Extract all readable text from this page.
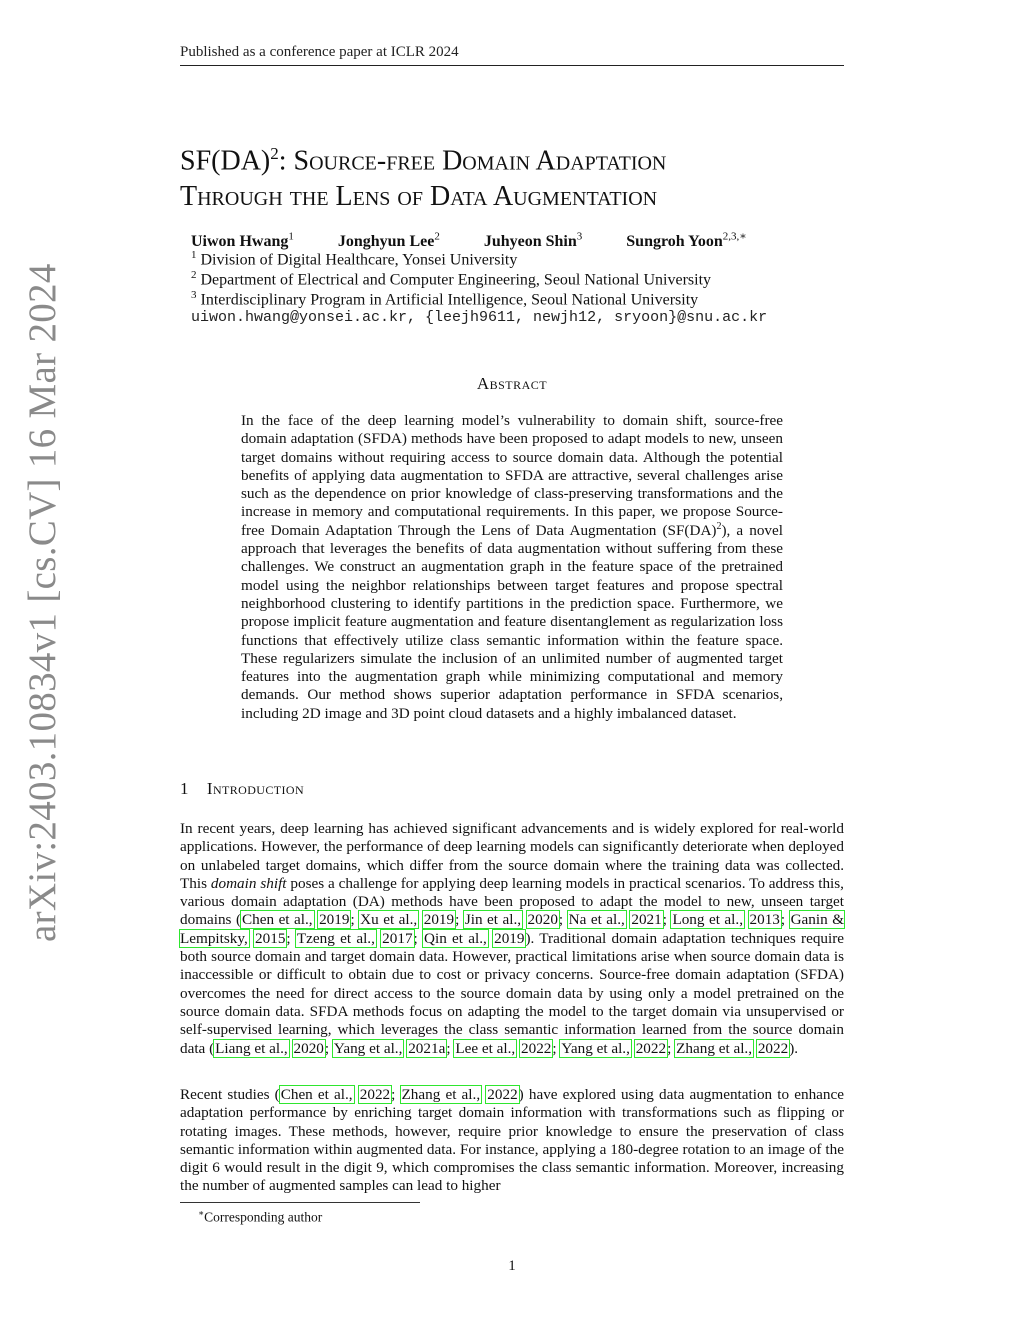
Published as a conference paper at ICLR 2024
arXiv:2403.10834v1 [cs.CV] 16 Mar 2024
SF(DA)$^2$: Source-free Domain Adaptation
Through the Lens of Data Augmentation
Uiwon Hwang$^1$	Jonghyun Lee$^2$	Juhyeon Shin$^3$	Sungroh Yoon$^{2,3,∗}$
$^1$ Division of Digital Healthcare, Yonsei University
$^2$ Department of Electrical and Computer Engineering, Seoul National University
$^3$ Interdisciplinary Program in Artificial Intelligence, Seoul National University
uiwon.hwang@yonsei.ac.kr, {leejh9611, newjh12, sryoon}@snu.ac.kr
Abstract
In the face of the deep learning model’s vulnerability to domain shift, source-free domain adaptation (SFDA) methods have been proposed to adapt models to new, unseen target domains without requiring access to source domain data. Although the potential benefits of applying data augmentation to SFDA are attractive, several challenges arise such as the dependence on prior knowledge of class-preserving transformations and the increase in memory and computational requirements. In this paper, we propose Source-free Domain Adaptation Through the Lens of Data Augmentation (SF(DA)$^2$), a novel approach that leverages the benefits of data augmentation without suffering from these challenges. We construct an augmentation graph in the feature space of the pretrained model using the neighbor relationships between target features and propose spectral neighborhood clustering to identify partitions in the prediction space. Furthermore, we propose implicit feature augmentation and feature disentanglement as regularization loss functions that effectively utilize class semantic information within the feature space. These regularizers simulate the inclusion of an unlimited number of augmented target features into the augmentation graph while minimizing computational and memory demands. Our method shows superior adaptation performance in SFDA scenarios, including 2D image and 3D point cloud datasets and a highly imbalanced dataset.
1 Introduction
In recent years, deep learning has achieved significant advancements and is widely explored for real-world applications. However, the performance of deep learning models can significantly deteriorate when deployed on unlabeled target domains, which differ from the source domain where the training data was collected. This domain shift poses a challenge for applying deep learning models in practical scenarios. To address this, various domain adaptation (DA) methods have been proposed to adapt the model to new, unseen target domains (Chen et al., 2019; Xu et al., 2019; Jin et al., 2020; Na et al., 2021; Long et al., 2013; Ganin & Lempitsky, 2015; Tzeng et al., 2017; Qin et al., 2019). Traditional domain adaptation techniques require both source domain and target domain data. However, practical limitations arise when source domain data is inaccessible or difficult to obtain due to cost or privacy concerns. Source-free domain adaptation (SFDA) overcomes the need for direct access to the source domain data by using only a model pretrained on the source domain data. SFDA methods focus on adapting the model to the target domain via unsupervised or self-supervised learning, which leverages the class semantic information learned from the source domain data (Liang et al., 2020; Yang et al., 2021a; Lee et al., 2022; Yang et al., 2022; Zhang et al., 2022).
Recent studies (Chen et al., 2022; Zhang et al., 2022) have explored using data augmentation to enhance adaptation performance by enriching target domain information with transformations such as flipping or rotating images. These methods, however, require prior knowledge to ensure the preservation of class semantic information within augmented data. For instance, applying a 180-degree rotation to an image of the digit 6 would result in the digit 9, which compromises the class semantic information. Moreover, increasing the number of augmented samples can lead to higher
∗Corresponding author
1
